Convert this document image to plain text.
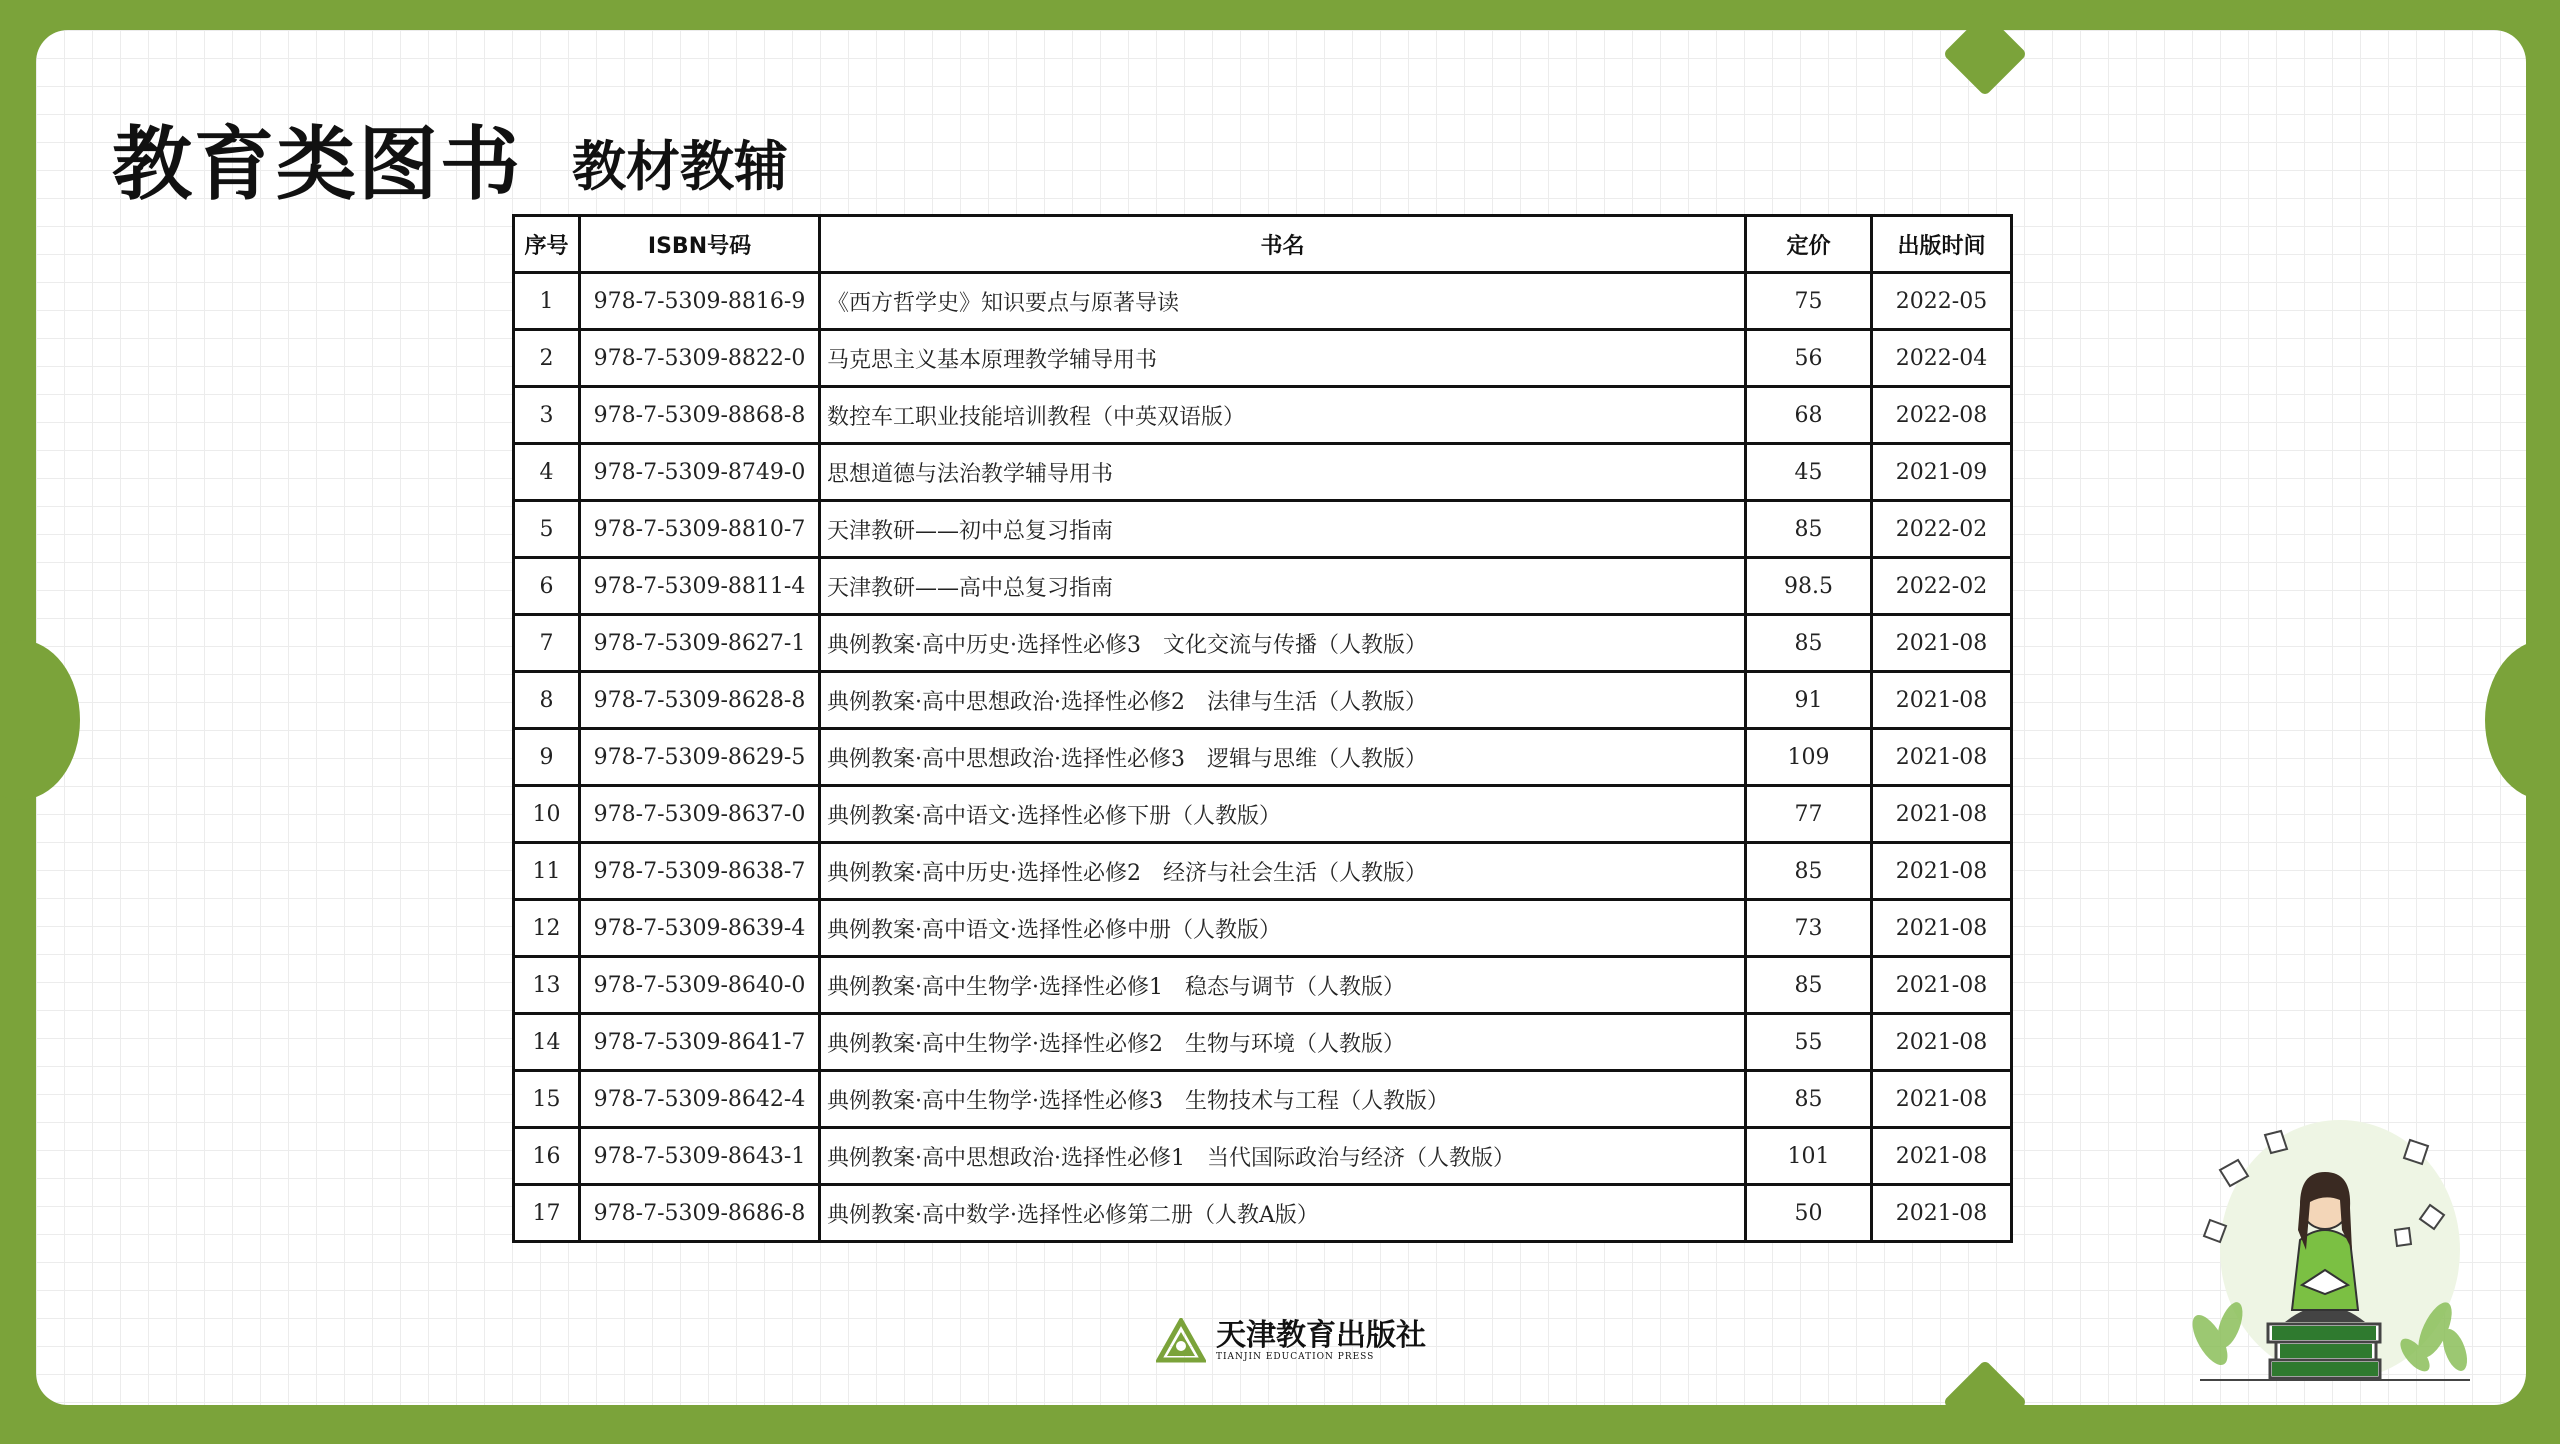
教育类图书 教材教辅
序号	ISBN号码	书名	定价	出版时间
1	978-7-5309-8816-9	《西方哲学史》知识要点与原著导读	75	2022-05
2	978-7-5309-8822-0	马克思主义基本原理教学辅导用书	56	2022-04
3	978-7-5309-8868-8	数控车工职业技能培训教程（中英双语版）	68	2022-08
4	978-7-5309-8749-0	思想道德与法治教学辅导用书	45	2021-09
5	978-7-5309-8810-7	天津教研——初中总复习指南	85	2022-02
6	978-7-5309-8811-4	天津教研——高中总复习指南	98.5	2022-02
7	978-7-5309-8627-1	典例教案·高中历史·选择性必修3　文化交流与传播（人教版）	85	2021-08
8	978-7-5309-8628-8	典例教案·高中思想政治·选择性必修2　法律与生活（人教版）	91	2021-08
9	978-7-5309-8629-5	典例教案·高中思想政治·选择性必修3　逻辑与思维（人教版）	109	2021-08
10	978-7-5309-8637-0	典例教案·高中语文·选择性必修下册（人教版）	77	2021-08
11	978-7-5309-8638-7	典例教案·高中历史·选择性必修2　经济与社会生活（人教版）	85	2021-08
12	978-7-5309-8639-4	典例教案·高中语文·选择性必修中册（人教版）	73	2021-08
13	978-7-5309-8640-0	典例教案·高中生物学·选择性必修1　稳态与调节（人教版）	85	2021-08
14	978-7-5309-8641-7	典例教案·高中生物学·选择性必修2　生物与环境（人教版）	55	2021-08
15	978-7-5309-8642-4	典例教案·高中生物学·选择性必修3　生物技术与工程（人教版）	85	2021-08
16	978-7-5309-8643-1	典例教案·高中思想政治·选择性必修1　当代国际政治与经济（人教版）	101	2021-08
17	978-7-5309-8686-8	典例教案·高中数学·选择性必修第二册（人教A版）	50	2021-08
天津教育出版社
TIANJIN EDUCATION PRESS
